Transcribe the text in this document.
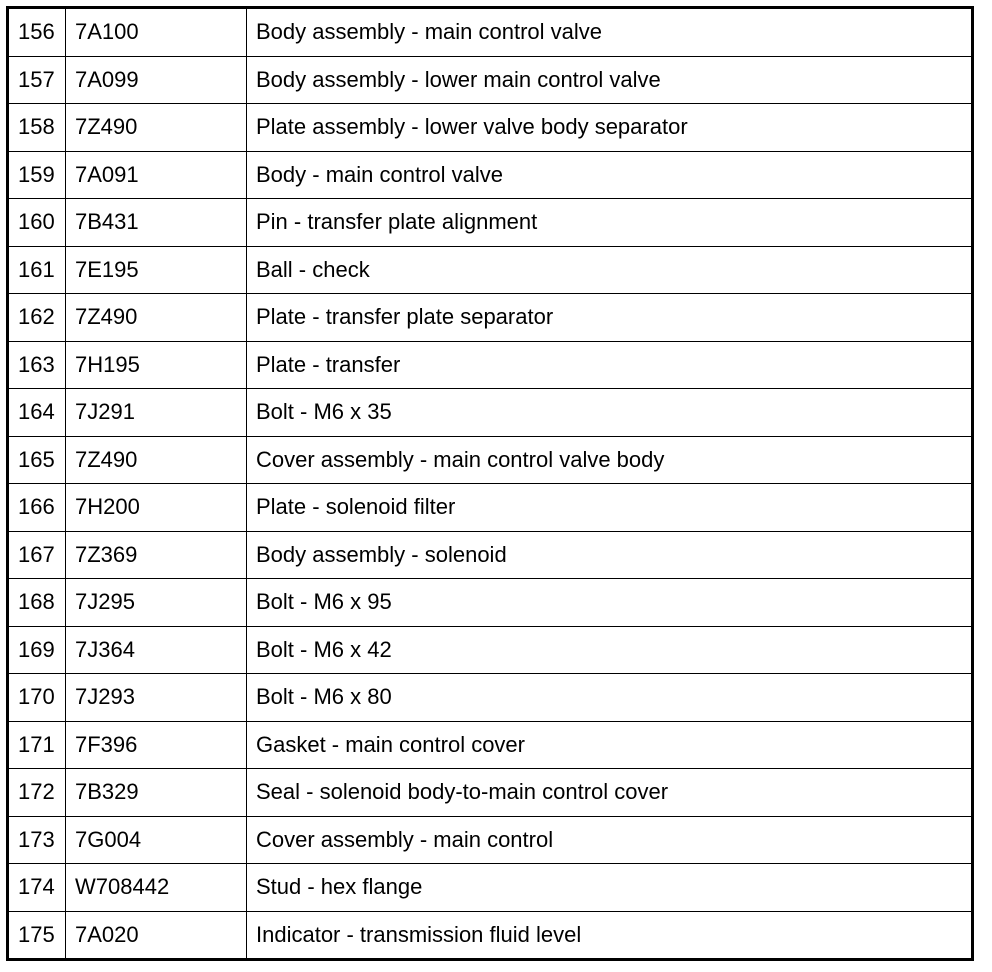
156	7A100	Body assembly - main control valve
157	7A099	Body assembly - lower main control valve
158	7Z490	Plate assembly - lower valve body separator
159	7A091	Body - main control valve
160	7B431	Pin - transfer plate alignment
161	7E195	Ball - check
162	7Z490	Plate - transfer plate separator
163	7H195	Plate - transfer
164	7J291	Bolt - M6 x 35
165	7Z490	Cover assembly - main control valve body
166	7H200	Plate - solenoid filter
167	7Z369	Body assembly - solenoid
168	7J295	Bolt - M6 x 95
169	7J364	Bolt - M6 x 42
170	7J293	Bolt - M6 x 80
171	7F396	Gasket - main control cover
172	7B329	Seal - solenoid body-to-main control cover
173	7G004	Cover assembly - main control
174	W708442	Stud - hex flange
175	7A020	Indicator - transmission fluid level
